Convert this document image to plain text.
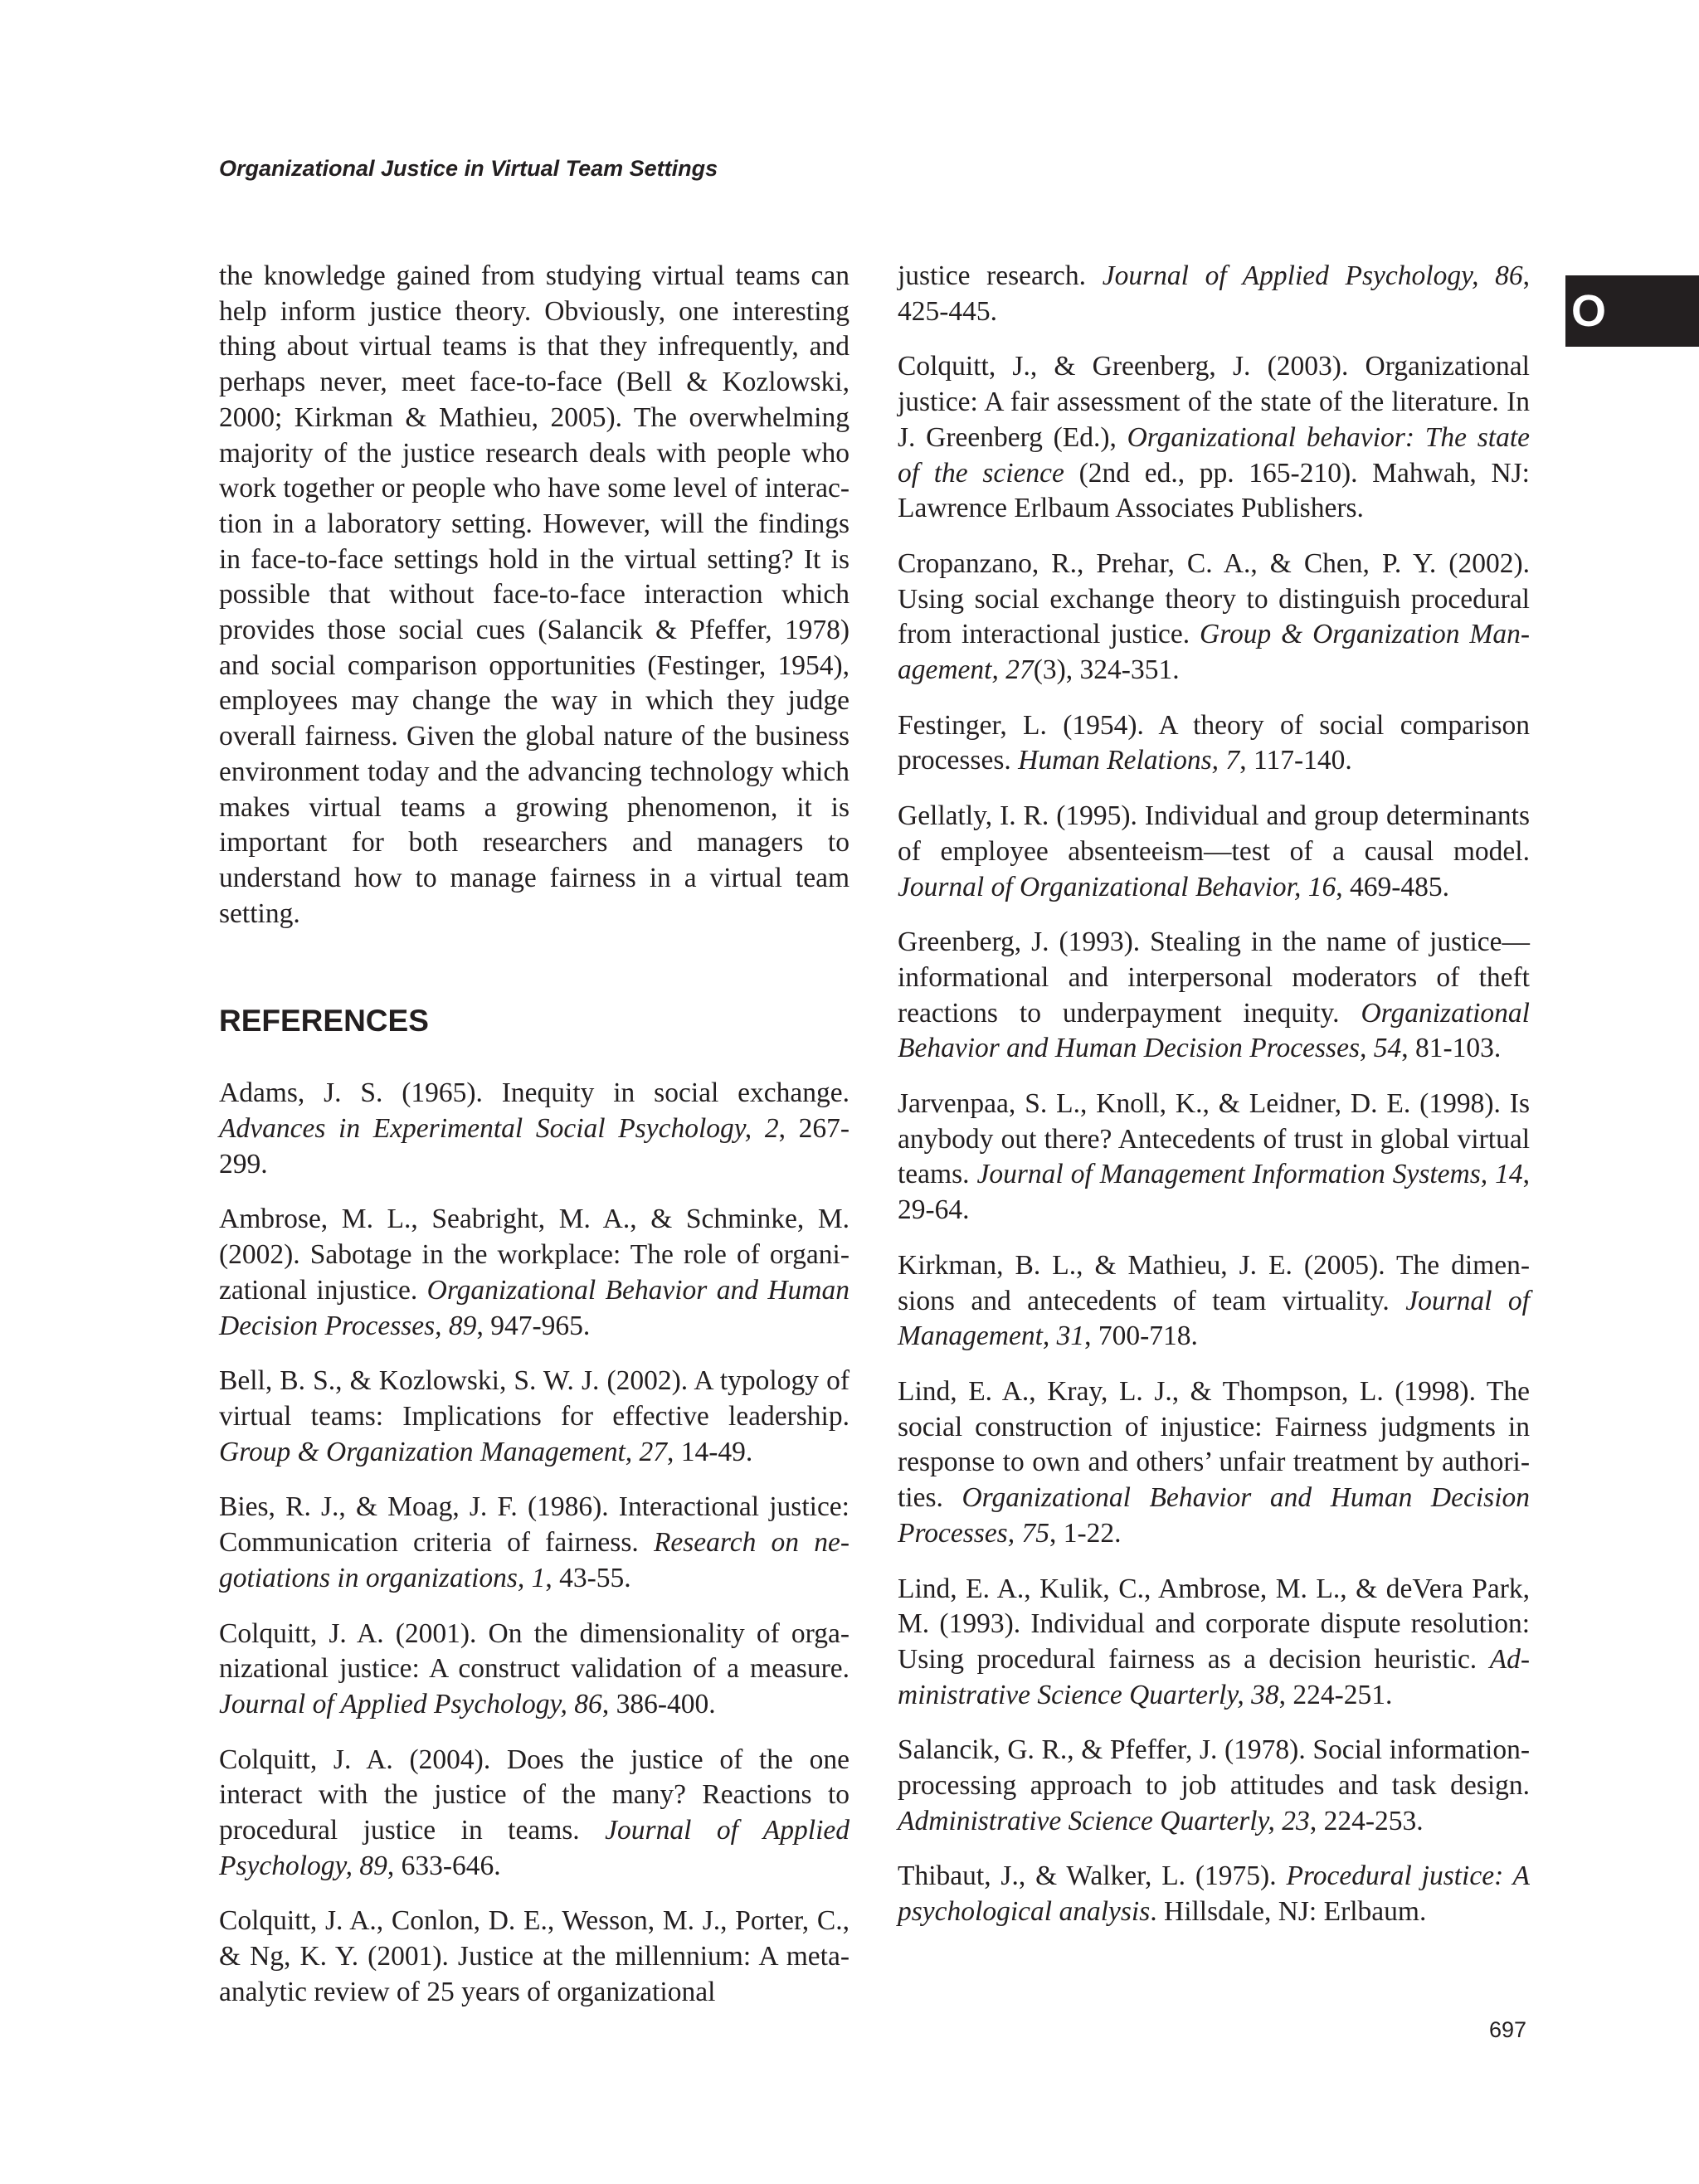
Organizational Justice in Virtual Team Settings
O

the knowledge gained from studying virtual teams can help inform justice theory. Obviously, one interesting thing about virtual teams is that they infrequently, and perhaps never, meet face-to-face (Bell & Kozlowski, 2000; Kirkman & Mathieu, 2005). The overwhelming majority of the justice research deals with people who work together or people who have some level of interaction in a laboratory setting. However, will the findings in face-to-face settings hold in the virtual setting? It is possible that without face-to-face interaction which provides those social cues (Salancik & Pfeffer, 1978) and social comparison opportunities (Festinger, 1954), employees may change the way in which they judge overall fairness. Given the global nature of the business environment today and the advancing technology which makes virtual teams a growing phenomenon, it is important for both researchers and managers to understand how to manage fairness in a virtual team setting.

REFERENCES

Adams, J. S. (1965). Inequity in social exchange. Advances in Experimental Social Psychology, 2, 267-299.

Ambrose, M. L., Seabright, M. A., & Schminke, M. (2002). Sabotage in the workplace: The role of organizational injustice. Organizational Behavior and Human Decision Processes, 89, 947-965.

Bell, B. S., & Kozlowski, S. W. J. (2002). A typology of virtual teams: Implications for effective leadership. Group & Organization Management, 27, 14-49.

Bies, R. J., & Moag, J. F. (1986). Interactional justice: Communication criteria of fairness. Research on negotiations in organizations, 1, 43-55.

Colquitt, J. A. (2001). On the dimensionality of organizational justice: A construct validation of a measure. Journal of Applied Psychology, 86, 386-400.

Colquitt, J. A. (2004). Does the justice of the one interact with the justice of the many? Reactions to procedural justice in teams. Journal of Applied Psychology, 89, 633-646.

Colquitt, J. A., Conlon, D. E., Wesson, M. J., Porter, C., & Ng, K. Y. (2001). Justice at the millennium: A meta-analytic review of 25 years of organizational

justice research. Journal of Applied Psychology, 86, 425-445.

Colquitt, J., & Greenberg, J. (2003). Organizational justice: A fair assessment of the state of the literature. In J. Greenberg (Ed.), Organizational behavior: The state of the science (2nd ed., pp. 165-210). Mahwah, NJ: Lawrence Erlbaum Associates Publishers.

Cropanzano, R., Prehar, C. A., & Chen, P. Y. (2002). Using social exchange theory to distinguish procedural from interactional justice. Group & Organization Management, 27(3), 324-351.

Festinger, L. (1954). A theory of social comparison processes. Human Relations, 7, 117-140.

Gellatly, I. R. (1995). Individual and group determinants of employee absenteeism—test of a causal model. Journal of Organizational Behavior, 16, 469-485.

Greenberg, J. (1993). Stealing in the name of justice—informational and interpersonal moderators of theft reactions to underpayment inequity. Organizational Behavior and Human Decision Processes, 54, 81-103.

Jarvenpaa, S. L., Knoll, K., & Leidner, D. E. (1998). Is anybody out there? Antecedents of trust in global virtual teams. Journal of Management Information Systems, 14, 29-64.

Kirkman, B. L., & Mathieu, J. E. (2005). The dimensions and antecedents of team virtuality. Journal of Management, 31, 700-718.

Lind, E. A., Kray, L. J., & Thompson, L. (1998). The social construction of injustice: Fairness judgments in response to own and others’ unfair treatment by authorities. Organizational Behavior and Human Decision Processes, 75, 1-22.

Lind, E. A., Kulik, C., Ambrose, M. L., & deVera Park, M. (1993). Individual and corporate dispute resolution: Using procedural fairness as a decision heuristic. Administrative Science Quarterly, 38, 224-251.

Salancik, G. R., & Pfeffer, J. (1978). Social information-processing approach to job attitudes and task design. Administrative Science Quarterly, 23, 224-253.

Thibaut, J., & Walker, L. (1975). Procedural justice: A psychological analysis. Hillsdale, NJ: Erlbaum.

697
